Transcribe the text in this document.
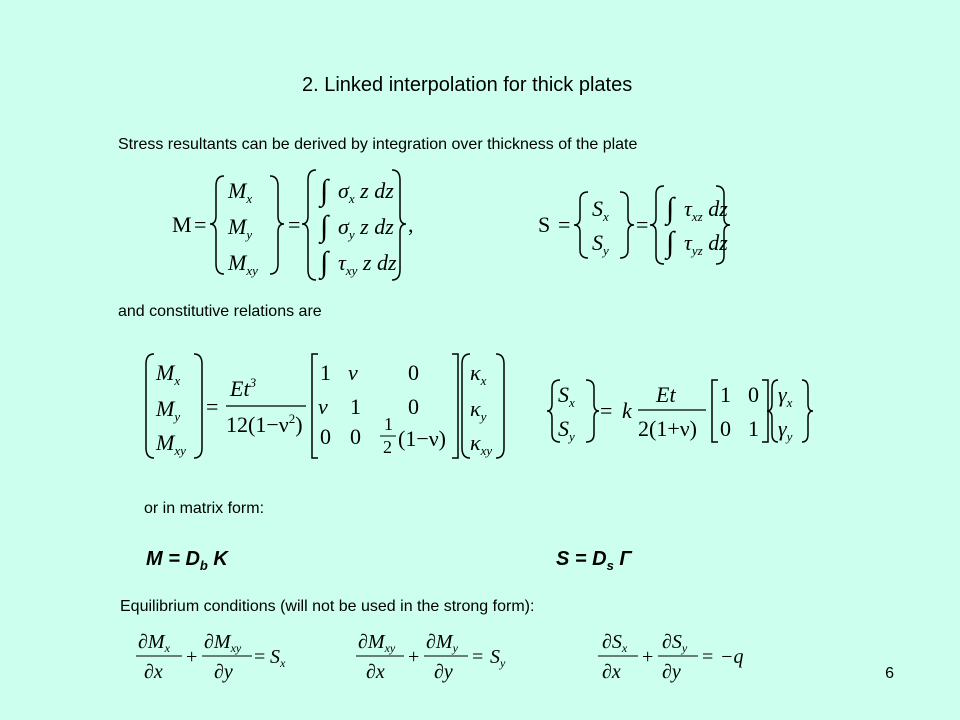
2. Linked interpolation for thick plates
Stress resultants can be derived by integration over thickness of the plate
M =
$M_x$
$M_y$
$M_{xy}$
=
∫ $\sigma_x$ z dz
∫ $\sigma_y$ z dz
∫ $\tau_{xy}$ z dz
,	S =
$S_x$
$S_y$
= ∫ $\tau_{xz}$ dz
∫ $\tau_{yz}$ dz
and constitutive relations are
$M_x$
$M_y$
$M_{xy}$
=
$Et^3$
$12(1-\nu^2)$
1 ν 0
ν 1 0
0 0 1
2 (1−ν)
$\kappa_x$
$\kappa_y$
$\kappa_{xy}$
$S_x$
$S_y$
= k
Et
2(1+ν)
1 0
0 1
$\gamma_x$
$\gamma_y$
or in matrix form:
$M = D_b$ K	$S = D_s$ Γ
Equilibrium conditions (will not be used in the strong form):
$\partial M_x$
∂x
+
$\partial M_{xy}$
∂y
= $S_x$
$\partial M_{xy}$
∂x
+
$\partial M_y$
∂y
= $S_y$
$\partial S_x$
∂x
+
$\partial S_y$
∂y
= −q
6
